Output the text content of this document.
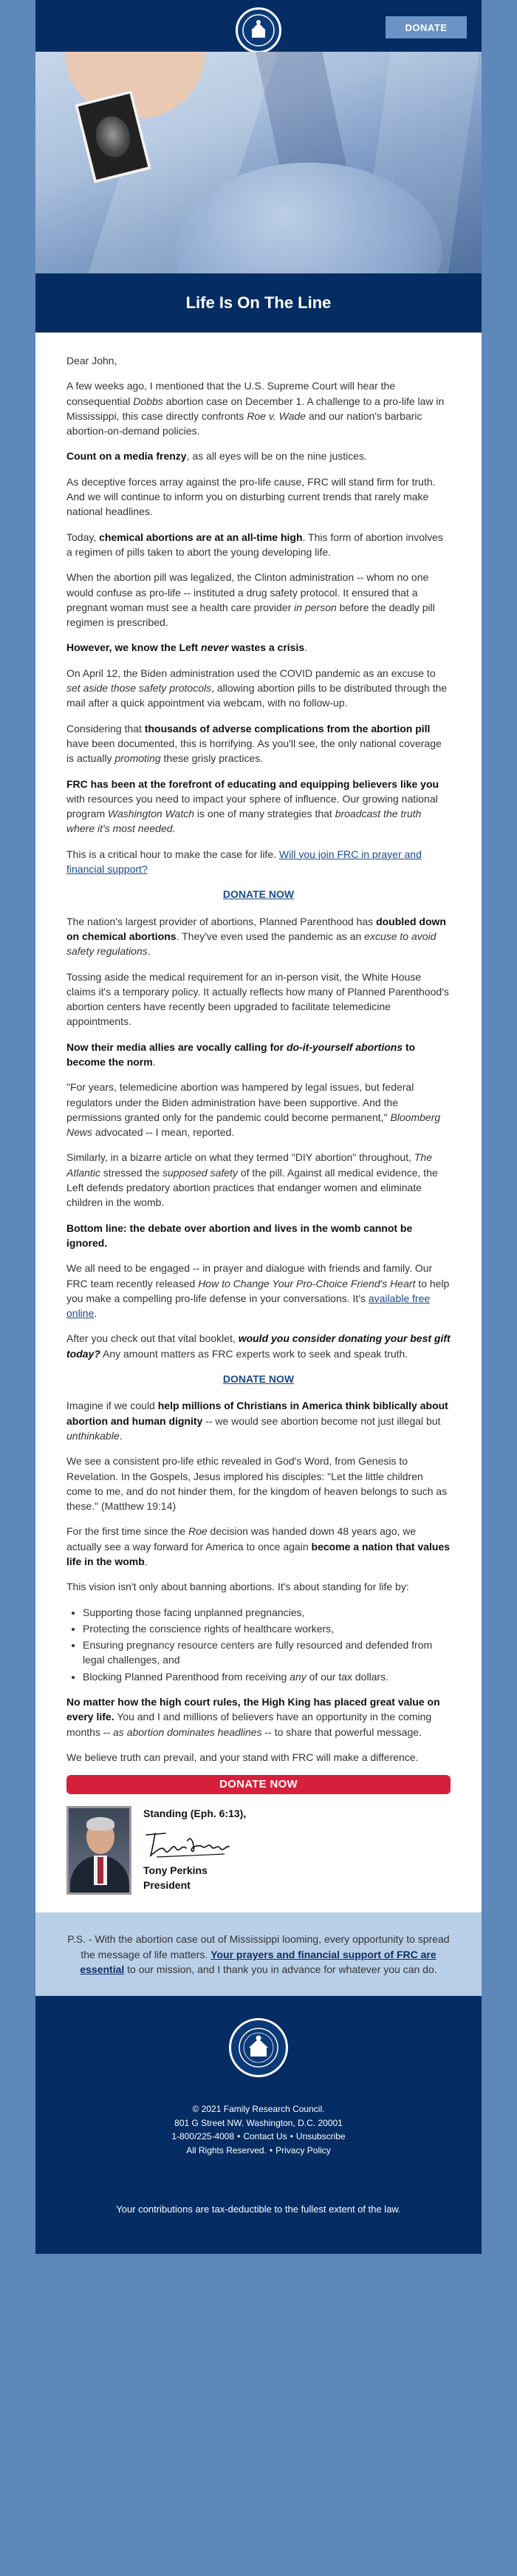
DONATE
Life Is On The Line

Dear John,

A few weeks ago, I mentioned that the U.S. Supreme Court will hear the consequential Dobbs abortion case on December 1. A challenge to a pro-life law in Mississippi, this case directly confronts Roe v. Wade and our nation's barbaric abortion-on-demand policies.

Count on a media frenzy, as all eyes will be on the nine justices.

As deceptive forces array against the pro-life cause, FRC will stand firm for truth. And we will continue to inform you on disturbing current trends that rarely make national headlines.

Today, chemical abortions are at an all-time high. This form of abortion involves a regimen of pills taken to abort the young developing life.

When the abortion pill was legalized, the Clinton administration -- whom no one would confuse as pro-life -- instituted a drug safety protocol. It ensured that a pregnant woman must see a health care provider in person before the deadly pill regimen is prescribed.

However, we know the Left never wastes a crisis.

On April 12, the Biden administration used the COVID pandemic as an excuse to set aside those safety protocols, allowing abortion pills to be distributed through the mail after a quick appointment via webcam, with no follow-up.

Considering that thousands of adverse complications from the abortion pill have been documented, this is horrifying. As you'll see, the only national coverage is actually promoting these grisly practices.

FRC has been at the forefront of educating and equipping believers like you with resources you need to impact your sphere of influence. Our growing national program Washington Watch is one of many strategies that broadcast the truth where it's most needed.

This is a critical hour to make the case for life. Will you join FRC in prayer and financial support?

DONATE NOW

The nation's largest provider of abortions, Planned Parenthood has doubled down on chemical abortions. They've even used the pandemic as an excuse to avoid safety regulations.

Tossing aside the medical requirement for an in-person visit, the White House claims it's a temporary policy. It actually reflects how many of Planned Parenthood's abortion centers have recently been upgraded to facilitate telemedicine appointments.

Now their media allies are vocally calling for do-it-yourself abortions to become the norm.

"For years, telemedicine abortion was hampered by legal issues, but federal regulators under the Biden administration have been supportive. And the permissions granted only for the pandemic could become permanent," Bloomberg News advocated -- I mean, reported.

Similarly, in a bizarre article on what they termed "DIY abortion" throughout, The Atlantic stressed the supposed safety of the pill. Against all medical evidence, the Left defends predatory abortion practices that endanger women and eliminate children in the womb.

Bottom line: the debate over abortion and lives in the womb cannot be ignored.

We all need to be engaged -- in prayer and dialogue with friends and family. Our FRC team recently released How to Change Your Pro-Choice Friend's Heart to help you make a compelling pro-life defense in your conversations. It's available free online.

After you check out that vital booklet, would you consider donating your best gift today? Any amount matters as FRC experts work to seek and speak truth.

DONATE NOW

Imagine if we could help millions of Christians in America think biblically about abortion and human dignity -- we would see abortion become not just illegal but unthinkable.

We see a consistent pro-life ethic revealed in God's Word, from Genesis to Revelation. In the Gospels, Jesus implored his disciples: "Let the little children come to me, and do not hinder them, for the kingdom of heaven belongs to such as these." (Matthew 19:14)

For the first time since the Roe decision was handed down 48 years ago, we actually see a way forward for America to once again become a nation that values life in the womb.

This vision isn't only about banning abortions. It's about standing for life by:

• Supporting those facing unplanned pregnancies,
• Protecting the conscience rights of healthcare workers,
• Ensuring pregnancy resource centers are fully resourced and defended from legal challenges, and
• Blocking Planned Parenthood from receiving any of our tax dollars.

No matter how the high court rules, the High King has placed great value on every life. You and I and millions of believers have an opportunity in the coming months -- as abortion dominates headlines -- to share that powerful message.

We believe truth can prevail, and your stand with FRC will make a difference.

DONATE NOW
Standing (Eph. 6:13),
Tony Perkins
President
P.S. - With the abortion case out of Mississippi looming, every opportunity to spread the message of life matters. Your prayers and financial support of FRC are essential to our mission, and I thank you in advance for whatever you can do.
© 2021 Family Research Council.
801 G Street NW. Washington, D.C. 20001
1-800/225-4008 • Contact Us • Unsubscribe
All Rights Reserved. • Privacy Policy
Your contributions are tax-deductible to the fullest extent of the law.
